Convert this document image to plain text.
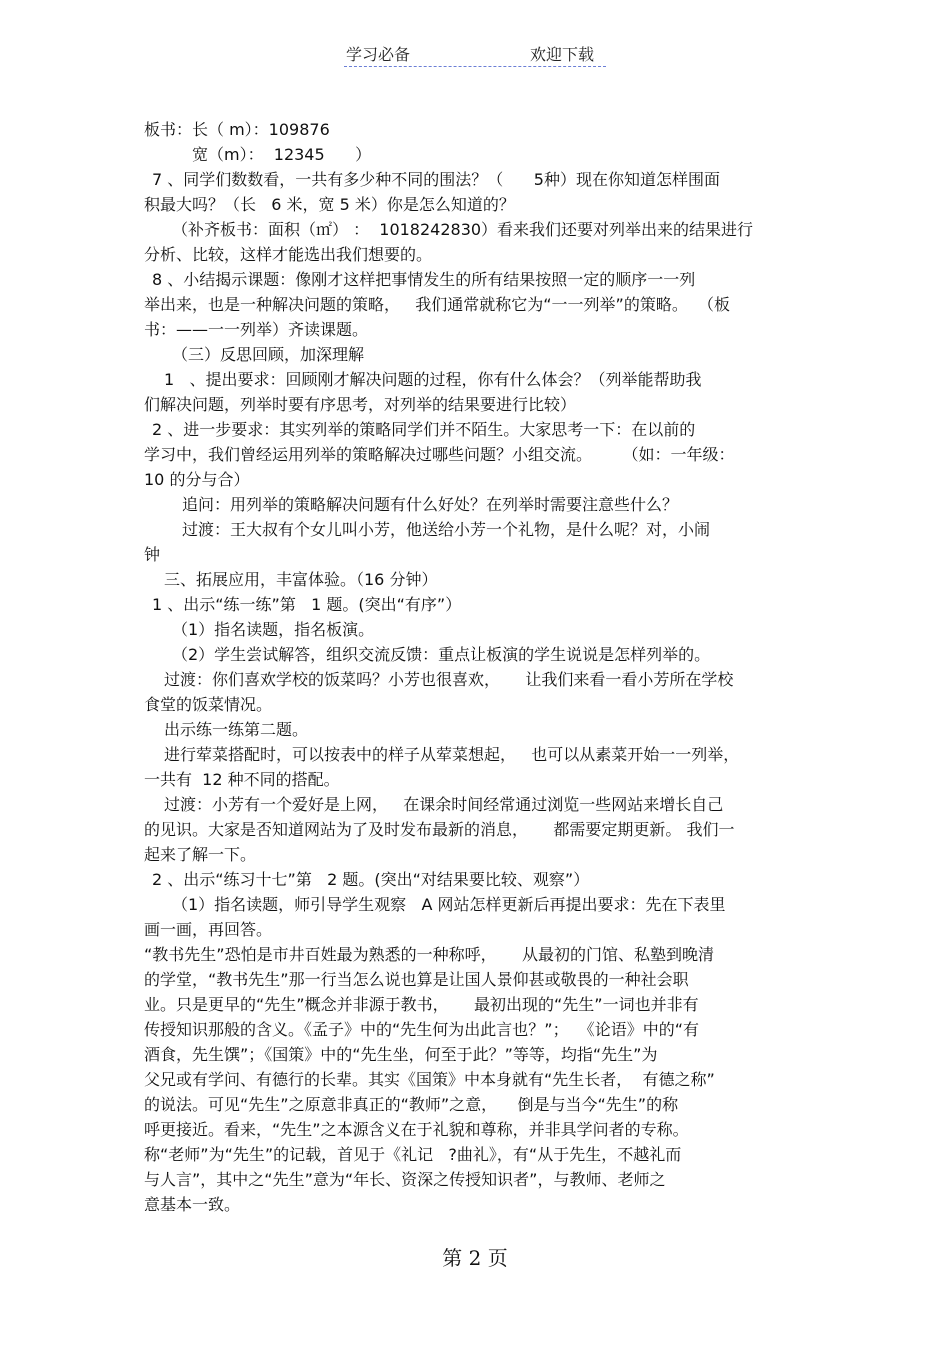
学习必备	欢迎下载
板书：长（ m）：109876
宽（m）：  12345      ）
7 、同学们数数看，一共有多少种不同的围法？（      5种）现在你知道怎样围面
积最大吗？（长   6 米，宽 5 米）你是怎么知道的？
（补齐板书：面积（㎡） ：  1018242830）看来我们还要对列举出来的结果进行
分析、比较，这样才能选出我们想要的。
8 、小结揭示课题：像刚才这样把事情发生的所有结果按照一定的顺序一一列
举出来，也是一种解决问题的策略，   我们通常就称它为“一一列举”的策略。  （板
书：——一一列举）齐读课题。
（三）反思回顾，加深理解
1   、提出要求：回顾刚才解决问题的过程，你有什么体会？（列举能帮助我
们解决问题，列举时要有序思考，对列举的结果要进行比较）
2 、进一步要求：其实列举的策略同学们并不陌生。大家思考一下：在以前的
学习中，我们曾经运用列举的策略解决过哪些问题？小组交流。      （如：一年级：
10 的分与合）
追问：用列举的策略解决问题有什么好处？在列举时需要注意些什么？
过渡：王大叔有个女儿叫小芳，他送给小芳一个礼物，是什么呢？对，小闹
钟
三、拓展应用，丰富体验。（16 分钟）
1 、出示“练一练”第   1 题。(突出“有序”）
（1）指名读题，指名板演。
（2）学生尝试解答，组织交流反馈：重点让板演的学生说说是怎样列举的。
过渡：你们喜欢学校的饭菜吗？小芳也很喜欢，     让我们来看一看小芳所在学校
食堂的饭菜情况。
出示练一练第二题。
进行荤菜搭配时，可以按表中的样子从荤菜想起，   也可以从素菜开始一一列举，
一共有  12 种不同的搭配。
过渡：小芳有一个爱好是上网，   在课余时间经常通过浏览一些网站来增长自己
的见识。大家是否知道网站为了及时发布最新的消息，     都需要定期更新。 我们一
起来了解一下。
2 、出示“练习十七”第   2 题。(突出“对结果要比较、观察”）
（1）指名读题，师引导学生观察   A 网站怎样更新后再提出要求：先在下表里
画一画，再回答。
“教书先生”恐怕是市井百姓最为熟悉的一种称呼，     从最初的门馆、私塾到晚清
的学堂，“教书先生”那一行当怎么说也算是让国人景仰甚或敬畏的一种社会职
业。只是更早的“先生”概念并非源于教书，     最初出现的“先生”一词也并非有
传授知识那般的含义。《孟子》中的“先生何为出此言也？”；  《论语》中的“有
酒食，先生馔”；《国策》中的“先生坐，何至于此？”等等，均指“先生”为
父兄或有学问、有德行的长辈。其实《国策》中本身就有“先生长者，  有德之称”
的说法。可见“先生”之原意非真正的“教师”之意，    倒是与当今“先生”的称
呼更接近。看来，“先生”之本源含义在于礼貌和尊称，并非具学问者的专称。
称“老师”为“先生”的记载，首见于《礼记   ?曲礼》，有“从于先生，不越礼而
与人言”，其中之“先生”意为“年长、资深之传授知识者”，与教师、老师之
意基本一致。
第 2 页
